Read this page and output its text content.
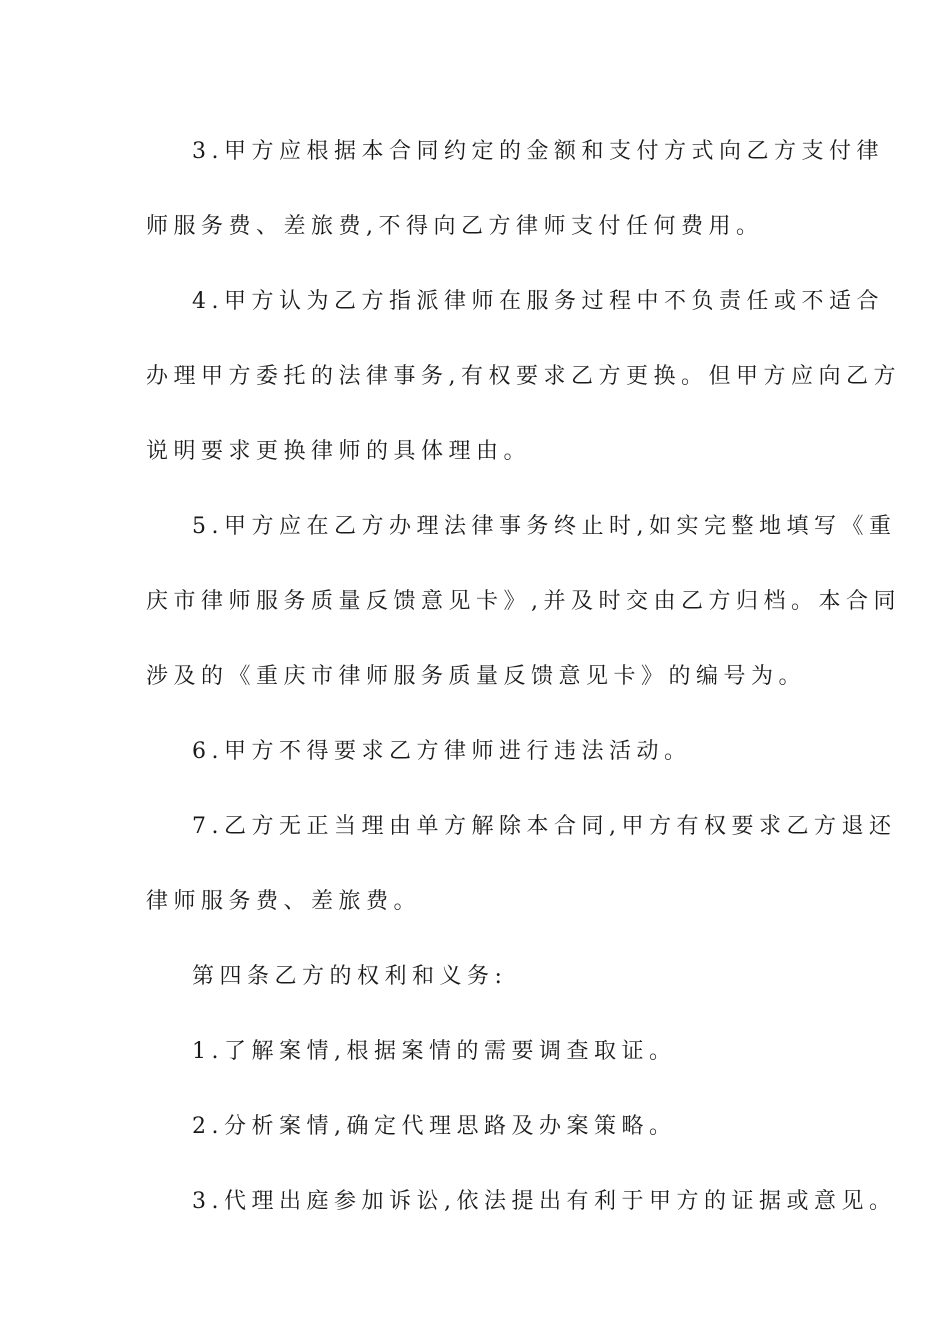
3.甲方应根据本合同约定的金额和支付方式向乙方支付律
师服务费、差旅费,不得向乙方律师支付任何费用。
4.甲方认为乙方指派律师在服务过程中不负责任或不适合
办理甲方委托的法律事务,有权要求乙方更换。但甲方应向乙方
说明要求更换律师的具体理由。
5.甲方应在乙方办理法律事务终止时,如实完整地填写《重
庆市律师服务质量反馈意见卡》,并及时交由乙方归档。本合同
涉及的《重庆市律师服务质量反馈意见卡》的编号为。
6.甲方不得要求乙方律师进行违法活动。
7.乙方无正当理由单方解除本合同,甲方有权要求乙方退还
律师服务费、差旅费。
第四条乙方的权利和义务:
1.了解案情,根据案情的需要调查取证。
2.分析案情,确定代理思路及办案策略。
3.代理出庭参加诉讼,依法提出有利于甲方的证据或意见。
